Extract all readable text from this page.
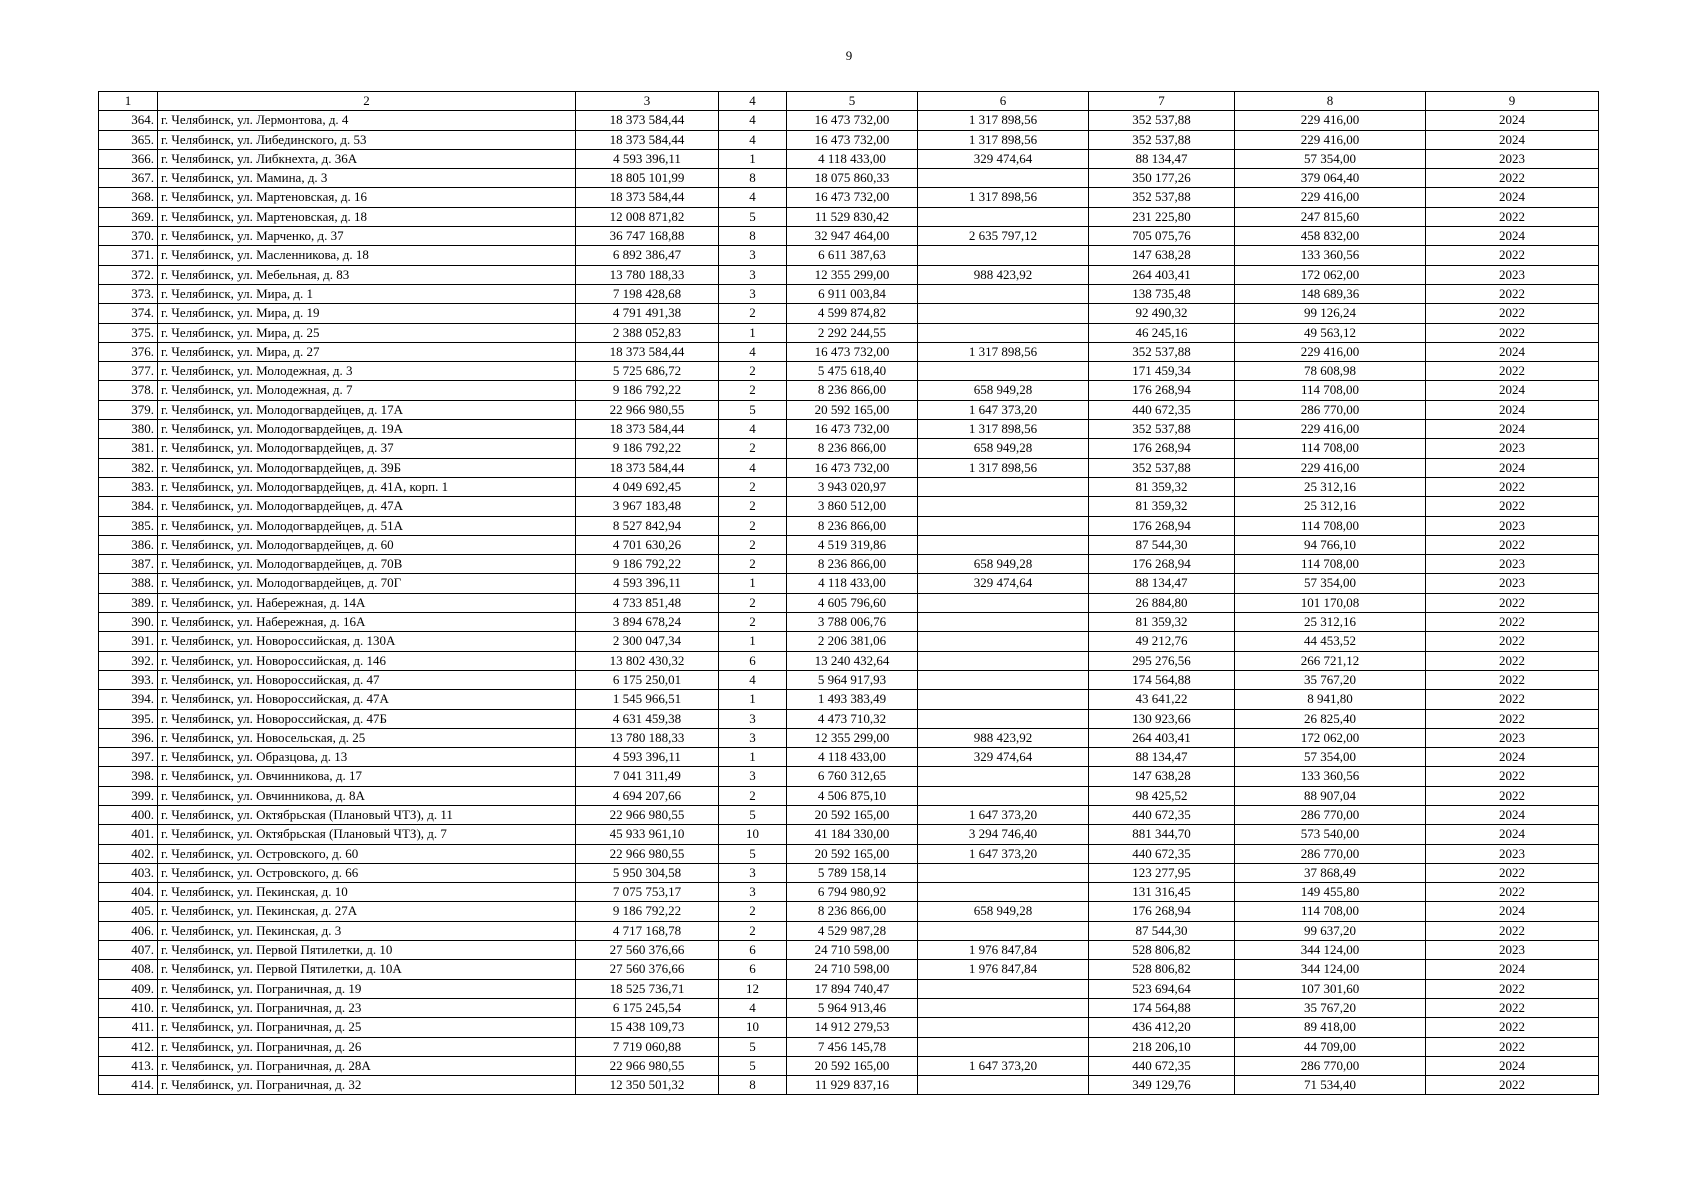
9
1	2	3	4	5	6	7	8	9
364.	г. Челябинск, ул. Лермонтова, д. 4	18 373 584,44	4	16 473 732,00	1 317 898,56	352 537,88	229 416,00	2024
365.	г. Челябинск, ул. Либединского, д. 53	18 373 584,44	4	16 473 732,00	1 317 898,56	352 537,88	229 416,00	2024
366.	г. Челябинск, ул. Либкнехта, д. 36А	4 593 396,11	1	4 118 433,00	329 474,64	88 134,47	57 354,00	2023
367.	г. Челябинск, ул. Мамина, д. 3	18 805 101,99	8	18 075 860,33		350 177,26	379 064,40	2022
368.	г. Челябинск, ул. Мартеновская, д. 16	18 373 584,44	4	16 473 732,00	1 317 898,56	352 537,88	229 416,00	2024
369.	г. Челябинск, ул. Мартеновская, д. 18	12 008 871,82	5	11 529 830,42		231 225,80	247 815,60	2022
370.	г. Челябинск, ул. Марченко, д. 37	36 747 168,88	8	32 947 464,00	2 635 797,12	705 075,76	458 832,00	2024
371.	г. Челябинск, ул. Масленникова, д. 18	6 892 386,47	3	6 611 387,63		147 638,28	133 360,56	2022
372.	г. Челябинск, ул. Мебельная, д. 83	13 780 188,33	3	12 355 299,00	988 423,92	264 403,41	172 062,00	2023
373.	г. Челябинск, ул. Мира, д. 1	7 198 428,68	3	6 911 003,84		138 735,48	148 689,36	2022
374.	г. Челябинск, ул. Мира, д. 19	4 791 491,38	2	4 599 874,82		92 490,32	99 126,24	2022
375.	г. Челябинск, ул. Мира, д. 25	2 388 052,83	1	2 292 244,55		46 245,16	49 563,12	2022
376.	г. Челябинск, ул. Мира, д. 27	18 373 584,44	4	16 473 732,00	1 317 898,56	352 537,88	229 416,00	2024
377.	г. Челябинск, ул. Молодежная, д. 3	5 725 686,72	2	5 475 618,40		171 459,34	78 608,98	2022
378.	г. Челябинск, ул. Молодежная, д. 7	9 186 792,22	2	8 236 866,00	658 949,28	176 268,94	114 708,00	2024
379.	г. Челябинск, ул. Молодогвардейцев, д. 17А	22 966 980,55	5	20 592 165,00	1 647 373,20	440 672,35	286 770,00	2024
380.	г. Челябинск, ул. Молодогвардейцев, д. 19А	18 373 584,44	4	16 473 732,00	1 317 898,56	352 537,88	229 416,00	2024
381.	г. Челябинск, ул. Молодогвардейцев, д. 37	9 186 792,22	2	8 236 866,00	658 949,28	176 268,94	114 708,00	2023
382.	г. Челябинск, ул. Молодогвардейцев, д. 39Б	18 373 584,44	4	16 473 732,00	1 317 898,56	352 537,88	229 416,00	2024
383.	г. Челябинск, ул. Молодогвардейцев, д. 41А, корп. 1	4 049 692,45	2	3 943 020,97		81 359,32	25 312,16	2022
384.	г. Челябинск, ул. Молодогвардейцев, д. 47А	3 967 183,48	2	3 860 512,00		81 359,32	25 312,16	2022
385.	г. Челябинск, ул. Молодогвардейцев, д. 51А	8 527 842,94	2	8 236 866,00		176 268,94	114 708,00	2023
386.	г. Челябинск, ул. Молодогвардейцев, д. 60	4 701 630,26	2	4 519 319,86		87 544,30	94 766,10	2022
387.	г. Челябинск, ул. Молодогвардейцев, д. 70В	9 186 792,22	2	8 236 866,00	658 949,28	176 268,94	114 708,00	2023
388.	г. Челябинск, ул. Молодогвардейцев, д. 70Г	4 593 396,11	1	4 118 433,00	329 474,64	88 134,47	57 354,00	2023
389.	г. Челябинск, ул. Набережная, д. 14А	4 733 851,48	2	4 605 796,60		26 884,80	101 170,08	2022
390.	г. Челябинск, ул. Набережная, д. 16А	3 894 678,24	2	3 788 006,76		81 359,32	25 312,16	2022
391.	г. Челябинск, ул. Новороссийская, д. 130А	2 300 047,34	1	2 206 381,06		49 212,76	44 453,52	2022
392.	г. Челябинск, ул. Новороссийская, д. 146	13 802 430,32	6	13 240 432,64		295 276,56	266 721,12	2022
393.	г. Челябинск, ул. Новороссийская, д. 47	6 175 250,01	4	5 964 917,93		174 564,88	35 767,20	2022
394.	г. Челябинск, ул. Новороссийская, д. 47А	1 545 966,51	1	1 493 383,49		43 641,22	8 941,80	2022
395.	г. Челябинск, ул. Новороссийская, д. 47Б	4 631 459,38	3	4 473 710,32		130 923,66	26 825,40	2022
396.	г. Челябинск, ул. Новосельская, д. 25	13 780 188,33	3	12 355 299,00	988 423,92	264 403,41	172 062,00	2023
397.	г. Челябинск, ул. Образцова, д. 13	4 593 396,11	1	4 118 433,00	329 474,64	88 134,47	57 354,00	2024
398.	г. Челябинск, ул. Овчинникова, д. 17	7 041 311,49	3	6 760 312,65		147 638,28	133 360,56	2022
399.	г. Челябинск, ул. Овчинникова, д. 8А	4 694 207,66	2	4 506 875,10		98 425,52	88 907,04	2022
400.	г. Челябинск, ул. Октябрьская (Плановый ЧТЗ), д. 11	22 966 980,55	5	20 592 165,00	1 647 373,20	440 672,35	286 770,00	2024
401.	г. Челябинск, ул. Октябрьская (Плановый ЧТЗ), д. 7	45 933 961,10	10	41 184 330,00	3 294 746,40	881 344,70	573 540,00	2024
402.	г. Челябинск, ул. Островского, д. 60	22 966 980,55	5	20 592 165,00	1 647 373,20	440 672,35	286 770,00	2023
403.	г. Челябинск, ул. Островского, д. 66	5 950 304,58	3	5 789 158,14		123 277,95	37 868,49	2022
404.	г. Челябинск, ул. Пекинская, д. 10	7 075 753,17	3	6 794 980,92		131 316,45	149 455,80	2022
405.	г. Челябинск, ул. Пекинская, д. 27А	9 186 792,22	2	8 236 866,00	658 949,28	176 268,94	114 708,00	2024
406.	г. Челябинск, ул. Пекинская, д. 3	4 717 168,78	2	4 529 987,28		87 544,30	99 637,20	2022
407.	г. Челябинск, ул. Первой Пятилетки, д. 10	27 560 376,66	6	24 710 598,00	1 976 847,84	528 806,82	344 124,00	2023
408.	г. Челябинск, ул. Первой Пятилетки, д. 10А	27 560 376,66	6	24 710 598,00	1 976 847,84	528 806,82	344 124,00	2024
409.	г. Челябинск, ул. Пограничная, д. 19	18 525 736,71	12	17 894 740,47		523 694,64	107 301,60	2022
410.	г. Челябинск, ул. Пограничная, д. 23	6 175 245,54	4	5 964 913,46		174 564,88	35 767,20	2022
411.	г. Челябинск, ул. Пограничная, д. 25	15 438 109,73	10	14 912 279,53		436 412,20	89 418,00	2022
412.	г. Челябинск, ул. Пограничная, д. 26	7 719 060,88	5	7 456 145,78		218 206,10	44 709,00	2022
413.	г. Челябинск, ул. Пограничная, д. 28А	22 966 980,55	5	20 592 165,00	1 647 373,20	440 672,35	286 770,00	2024
414.	г. Челябинск, ул. Пограничная, д. 32	12 350 501,32	8	11 929 837,16		349 129,76	71 534,40	2022
